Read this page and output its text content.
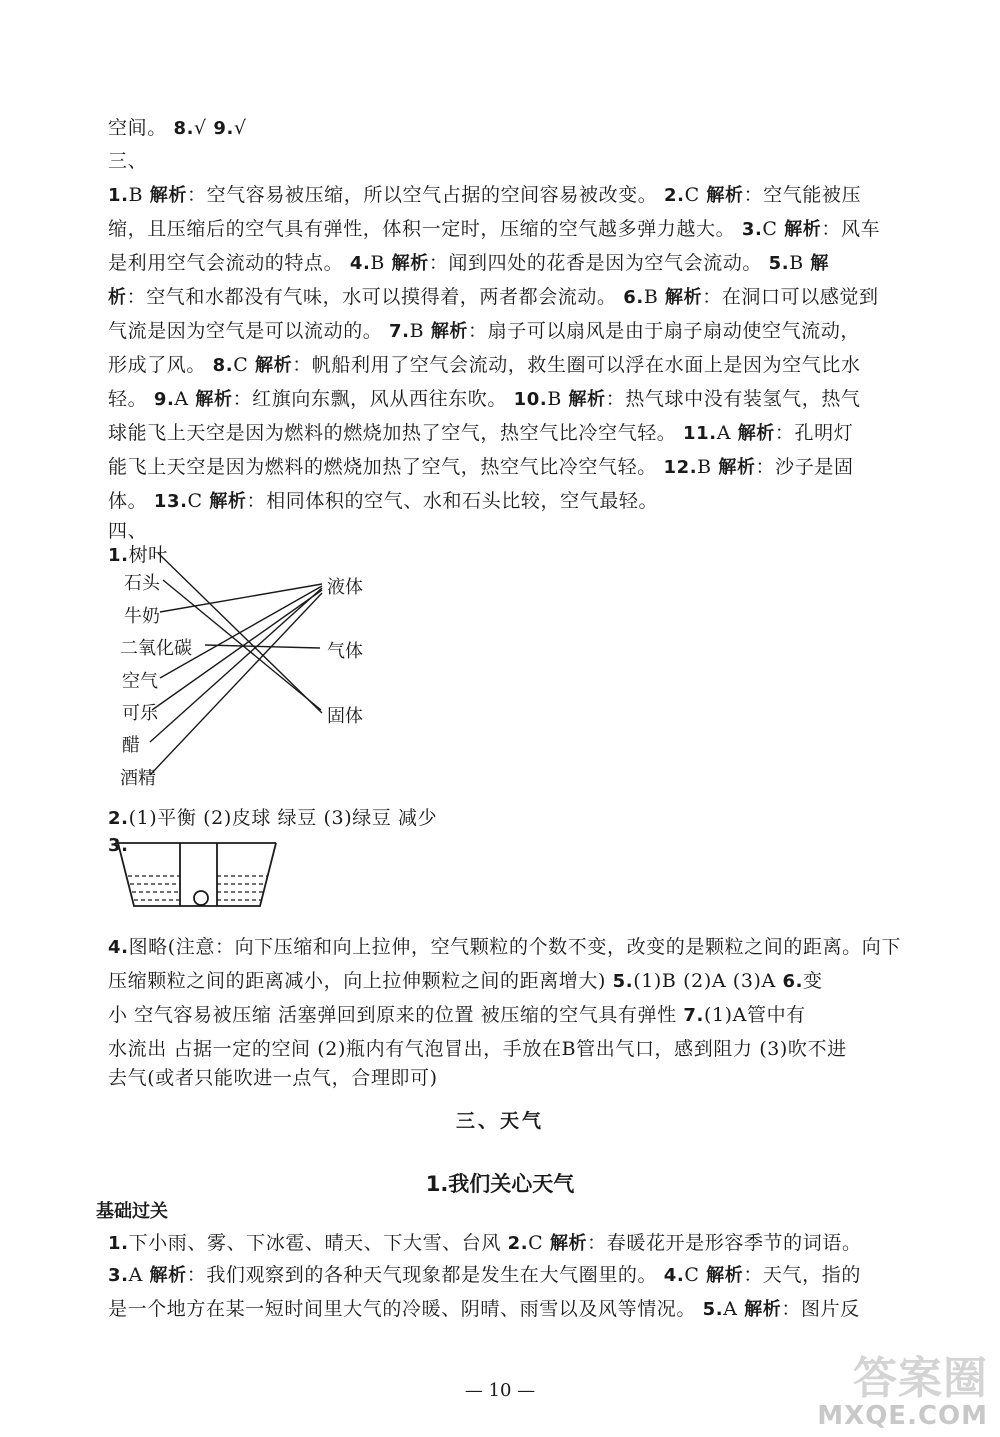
空间。 8.√ 9.√
三、
1.B 解析：空气容易被压缩，所以空气占据的空间容易被改变。 2.C 解析：空气能被压
缩，且压缩后的空气具有弹性，体积一定时，压缩的空气越多弹力越大。 3.C 解析：风车
是利用空气会流动的特点。 4.B 解析：闻到四处的花香是因为空气会流动。 5.B 解
析：空气和水都没有气味，水可以摸得着，两者都会流动。 6.B 解析：在洞口可以感觉到
气流是因为空气是可以流动的。 7.B 解析：扇子可以扇风是由于扇子扇动使空气流动，
形成了风。 8.C 解析：帆船利用了空气会流动，救生圈可以浮在水面上是因为空气比水
轻。 9.A 解析：红旗向东飘，风从西往东吹。 10.B 解析：热气球中没有装氢气，热气
球能飞上天空是因为燃料的燃烧加热了空气，热空气比冷空气轻。 11.A 解析：孔明灯
能飞上天空是因为燃料的燃烧加热了空气，热空气比冷空气轻。 12.B 解析：沙子是固
体。 13.C 解析：相同体积的空气、水和石头比较，空气最轻。
四、
1.树叶
2.(1)平衡 (2)皮球 绿豆 (3)绿豆 减少
3.
4.图略(注意：向下压缩和向上拉伸，空气颗粒的个数不变，改变的是颗粒之间的距离。向下
压缩颗粒之间的距离减小，向上拉伸颗粒之间的距离增大) 5.(1)B (2)A (3)A 6.变
小 空气容易被压缩 活塞弹回到原来的位置 被压缩的空气具有弹性 7.(1)A管中有
水流出 占据一定的空间 (2)瓶内有气泡冒出，手放在B管出气口，感到阻力 (3)吹不进
去气(或者只能吹进一点气，合理即可)
1.下小雨、雾、下冰雹、晴天、下大雪、台风 2.C 解析：春暖花开是形容季节的词语。
3.A 解析：我们观察到的各种天气现象都是发生在大气圈里的。 4.C 解析：天气，指的
是一个地方在某一短时间里大气的冷暖、阴晴、雨雪以及风等情况。 5.A 解析：图片反
三、天气
1.我们关心天气
基础过关
石头
牛奶
二氧化碳
空气
可乐
醋
酒精
液体
气体
固体
— 10 —	答案圈
MXQE.COM
